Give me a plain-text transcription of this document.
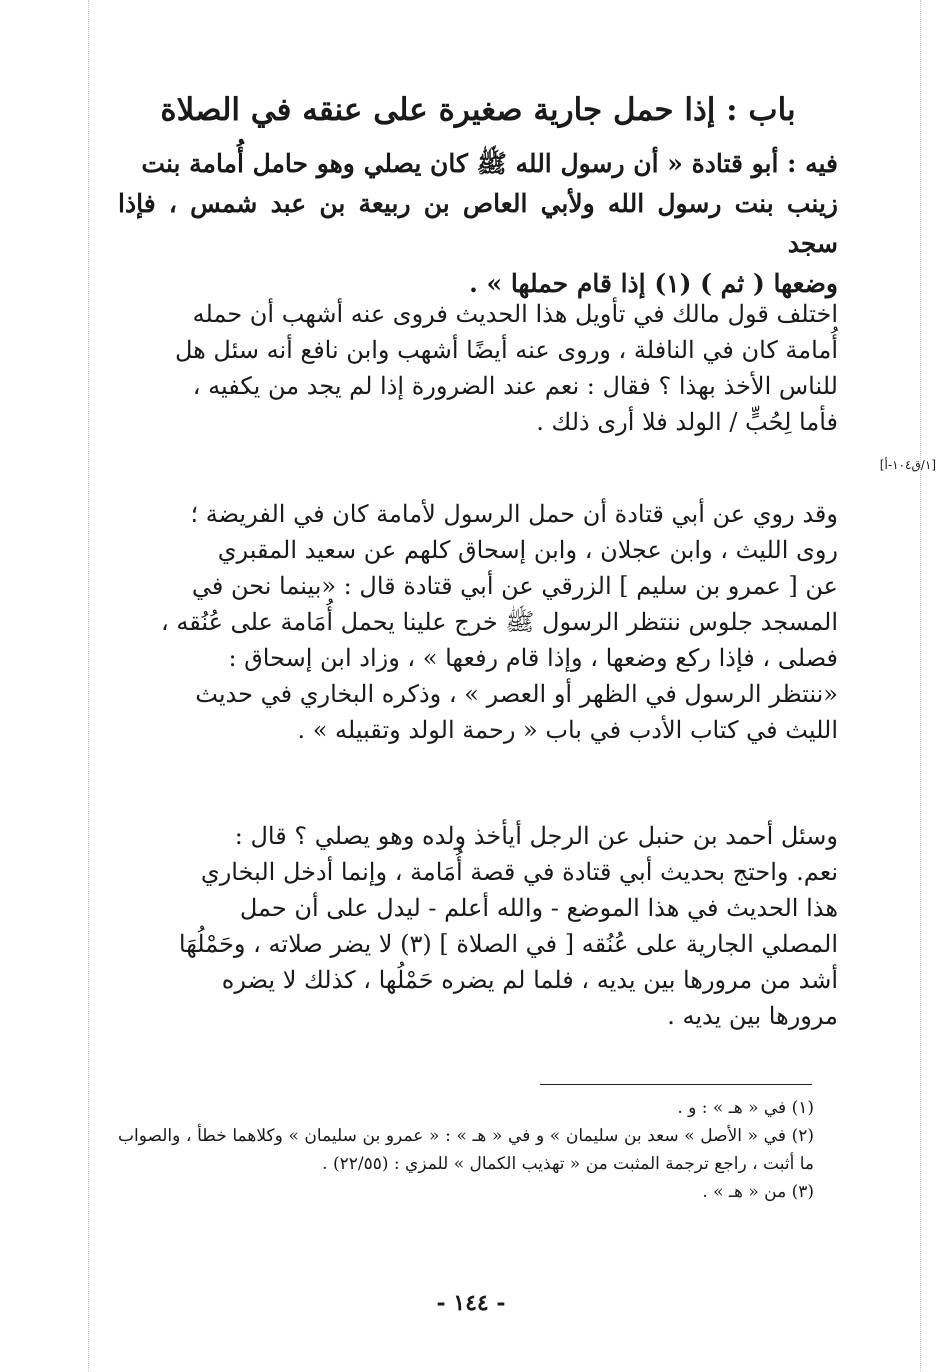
باب : إذا حمل جارية صغيرة على عنقه في الصلاة
فيه : أبو قتادة « أن رسول الله ﷺ كان يصلي وهو حامل أُمامة بنت
زينب بنت رسول الله ولأبي العاص بن ربيعة بن عبد شمس ، فإذا سجد
وضعها ( ثم ) (١) إذا قام حملها » .
اختلف قول مالك في تأويل هذا الحديث فروى عنه أشهب أن حمله
أُمامة كان في النافلة ، وروى عنه أيضًا أشهب وابن نافع أنه سئل هل
للناس الأخذ بهذا ؟ فقال : نعم عند الضرورة إذا لم يجد من يكفيه ،
فأما لِحُبٍّ / الولد فلا أرى ذلك .
[١/ق١٠٤-أ]
وقد روي عن أبي قتادة أن حمل الرسول لأمامة كان في الفريضة ؛
روى الليث ، وابن عجلان ، وابن إسحاق كلهم عن سعيد المقبري
عن [ عمرو بن سليم ] الزرقي عن أبي قتادة قال : «بينما نحن في
المسجد جلوس ننتظر الرسول ﷺ خرج علينا يحمل أُمَامة على عُنُقه ،
فصلى ، فإذا ركع وضعها ، وإذا قام رفعها » ، وزاد ابن إسحاق :
«ننتظر الرسول في الظهر أو العصر » ، وذكره البخاري في حديث
الليث في كتاب الأدب في باب « رحمة الولد وتقبيله » .
وسئل أحمد بن حنبل عن الرجل أيأخذ ولده وهو يصلي ؟ قال :
نعم. واحتج بحديث أبي قتادة في قصة أُمَامة ، وإنما أدخل البخاري
هذا الحديث في هذا الموضع - والله أعلم - ليدل على أن حمل
المصلي الجارية على عُنُقه [ في الصلاة ] (٣) لا يضر صلاته ، وحَمْلُهَا
أشد من مرورها بين يديه ، فلما لم يضره حَمْلُها ، كذلك لا يضره
مرورها بين يديه .

(١) في « هـ » : و .

(٢) في « الأصل » سعد بن سليمان » و في « هـ » : « عمرو بن سليمان » وكلاهما خطأ ، والصواب ما أثبت ، راجع ترجمة المثبت من « تهذيب الكمال » للمزي : (٢٢/٥٥) .

(٣) من « هـ » .

- ١٤٤ -
